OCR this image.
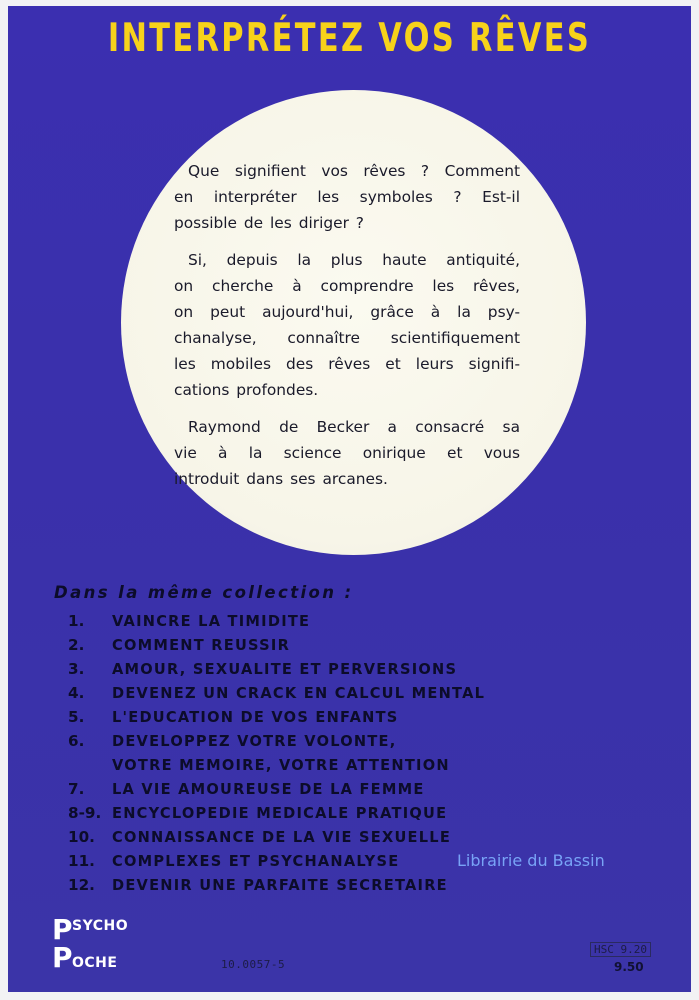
INTERPRÉTEZ VOS RÊVES
Que signifient vos rêves ? Comment
en interpréter les symboles ? Est-il
possible de les diriger ?
Si, depuis la plus haute antiquité,
on cherche à comprendre les rêves,
on peut aujourd'hui, grâce à la psy-
chanalyse, connaître scientifiquement
les mobiles des rêves et leurs signifi-
cations profondes.
Raymond de Becker a consacré sa
vie à la science onirique et vous
introduit dans ses arcanes.
Dans la même collection :
1.	VAINCRE LA TIMIDITE
2.	COMMENT REUSSIR
3.	AMOUR, SEXUALITE ET PERVERSIONS
4.	DEVENEZ UN CRACK EN CALCUL MENTAL
5.	L'EDUCATION DE VOS ENFANTS
6.	DEVELOPPEZ VOTRE VOLONTE,
VOTRE MEMOIRE, VOTRE ATTENTION
7.	LA VIE AMOUREUSE DE LA FEMME
8-9. ENCYCLOPEDIE MEDICALE PRATIQUE
10.	CONNAISSANCE DE LA VIE SEXUELLE
11.	COMPLEXES ET PSYCHANALYSE
12.	DEVENIR UNE PARFAITE SECRETAIRE
Librairie du Bassin
P SYCHO
P OCHE	10.0057-5
HSC 9.20
9.50
